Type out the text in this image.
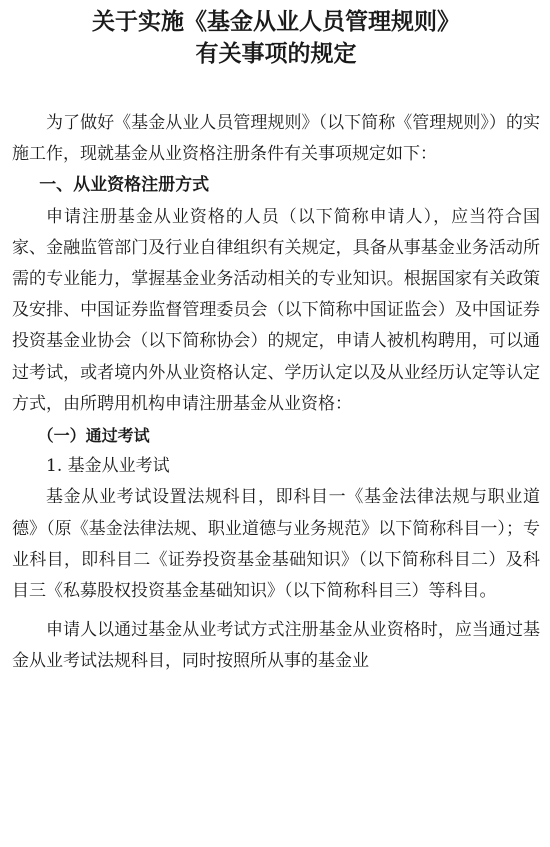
关于实施《基金从业人员管理规则》
有关事项的规定

为了做好《基金从业人员管理规则》（以下简称《管理规则》）的实施工作，现就基金从业资格注册条件有关事项规定如下：

一、从业资格注册方式

申请注册基金从业资格的人员（以下简称申请人），应当符合国家、金融监管部门及行业自律组织有关规定，具备从事基金业务活动所需的专业能力，掌握基金业务活动相关的专业知识。根据国家有关政策及安排、中国证券监督管理委员会（以下简称中国证监会）及中国证券投资基金业协会（以下简称协会）的规定，申请人被机构聘用，可以通过考试，或者境内外从业资格认定、学历认定以及从业经历认定等认定方式，由所聘用机构申请注册基金从业资格：

（一）通过考试

1. 基金从业考试

基金从业考试设置法规科目，即科目一《基金法律法规与职业道德》（原《基金法律法规、职业道德与业务规范》以下简称科目一）；专业科目，即科目二《证券投资基金基础知识》（以下简称科目二）及科目三《私募股权投资基金基础知识》（以下简称科目三）等科目。

申请人以通过基金从业考试方式注册基金从业资格时，应当通过基金从业考试法规科目，同时按照所从事的基金业
